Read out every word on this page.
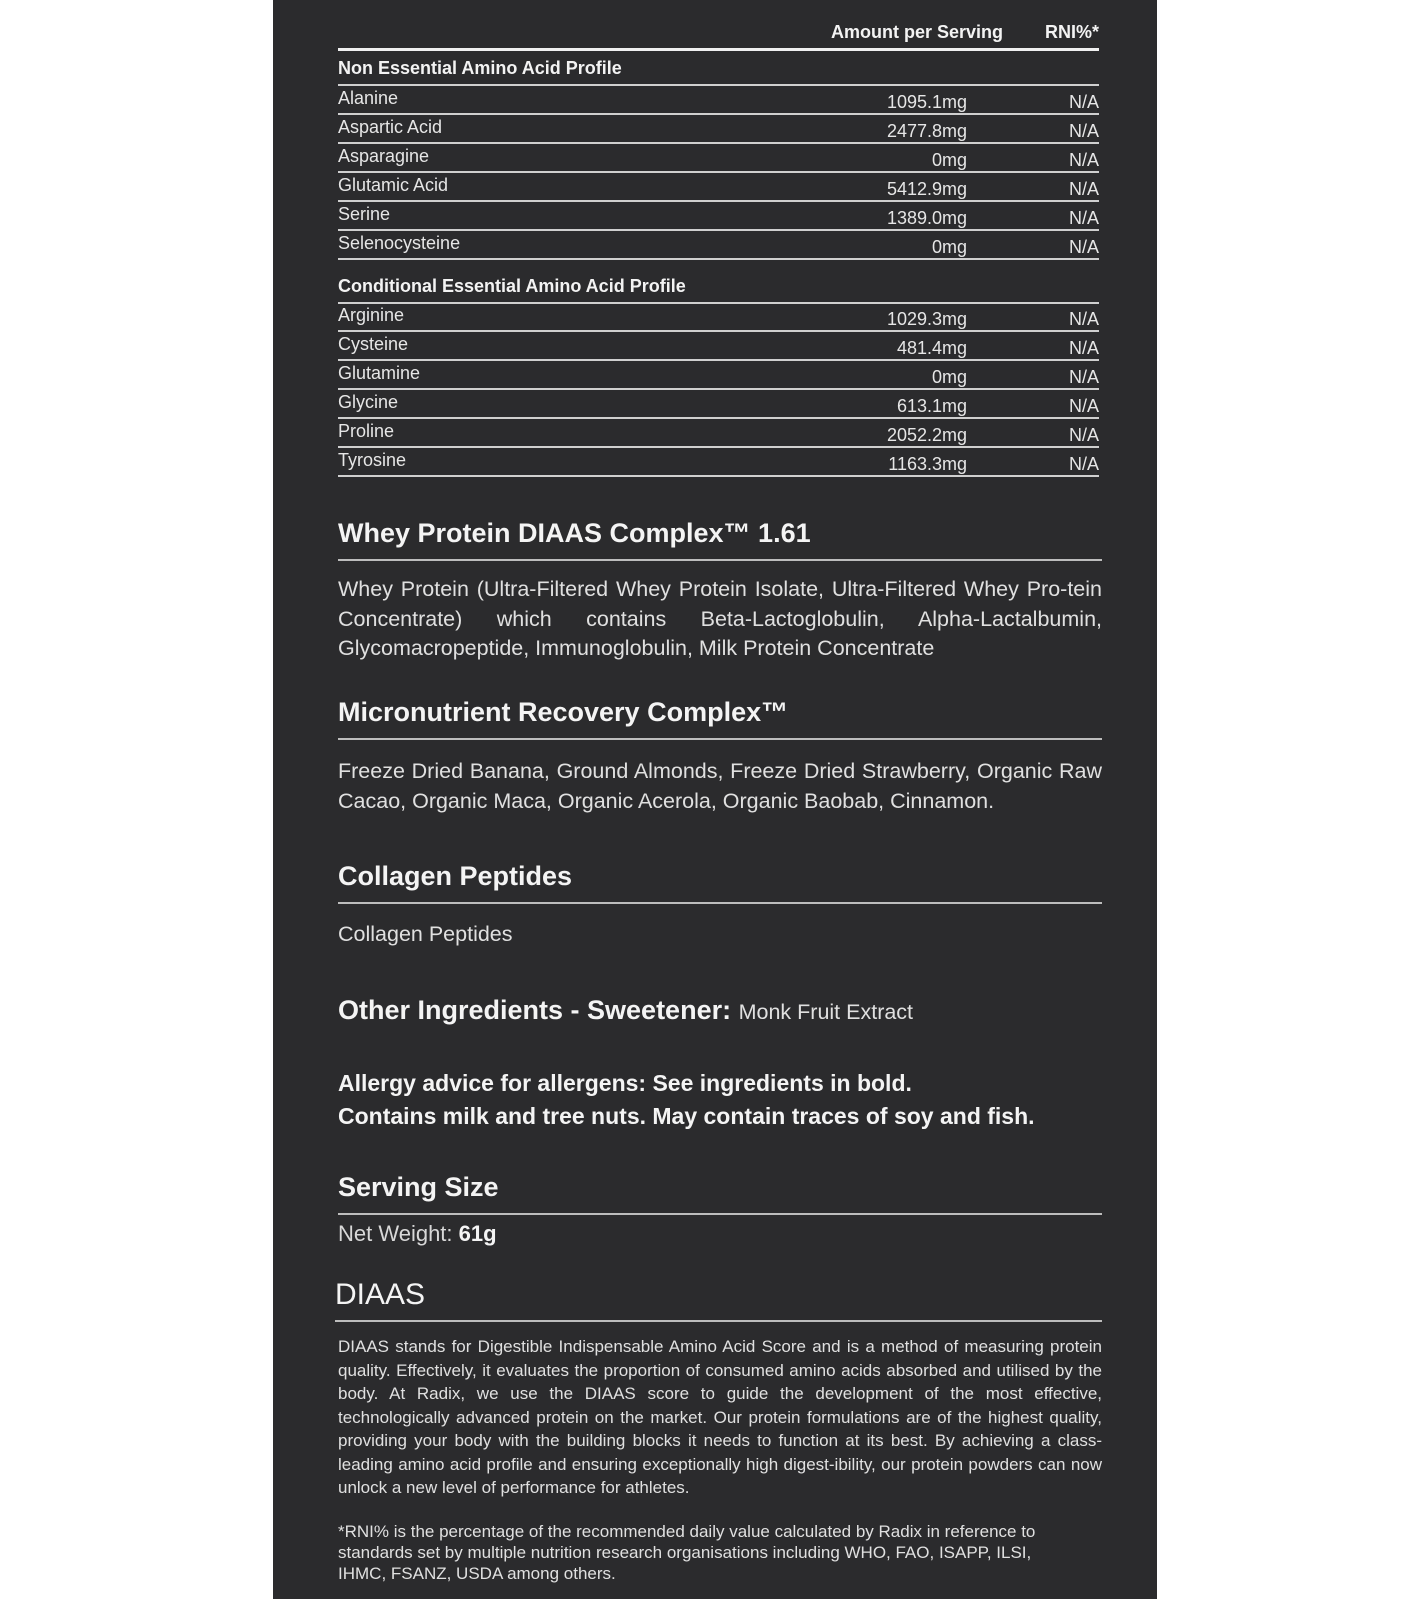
Amount per Serving RNI%*
Non Essential Amino Acid Profile
Alanine	1095.1mg	N/A
Aspartic Acid	2477.8mg	N/A
Asparagine	0mg	N/A
Glutamic Acid	5412.9mg	N/A
Serine	1389.0mg	N/A
Selenocysteine	0mg	N/A
Conditional Essential Amino Acid Profile
Arginine	1029.3mg	N/A
Cysteine	481.4mg	N/A
Glutamine	0mg	N/A
Glycine	613.1mg	N/A
Proline	2052.2mg	N/A
Tyrosine	1163.3mg	N/A
Whey Protein DIAAS Complex™ 1.61
Whey Protein (Ultra-Filtered Whey Protein Isolate, Ultra-Filtered Whey Pro-tein Concentrate) which contains Beta-Lactoglobulin, Alpha-Lactalbumin, Glycomacropeptide, Immunoglobulin, Milk Protein Concentrate
Micronutrient Recovery Complex™
Freeze Dried Banana, Ground Almonds, Freeze Dried Strawberry, Organic Raw Cacao, Organic Maca, Organic Acerola, Organic Baobab, Cinnamon.
Collagen Peptides
Collagen Peptides
Other Ingredients - Sweetener: Monk Fruit Extract
Allergy advice for allergens: See ingredients in bold.
Contains milk and tree nuts. May contain traces of soy and fish.
Serving Size
Net Weight: 61g
DIAAS
DIAAS stands for Digestible Indispensable Amino Acid Score and is a method of measuring protein quality. Effectively, it evaluates the proportion of consumed amino acids absorbed and utilised by the body. At Radix, we use the DIAAS score to guide the development of the most effective, technologically advanced protein on the market. Our protein formulations are of the highest quality, providing your body with the building blocks it needs to function at its best. By achieving a class-leading amino acid profile and ensuring exceptionally high digest-ibility, our protein powders can now unlock a new level of performance for athletes.
*RNI% is the percentage of the recommended daily value calculated by Radix in reference to standards set by multiple nutrition research organisations including WHO, FAO, ISAPP, ILSI, IHMC, FSANZ, USDA among others.
